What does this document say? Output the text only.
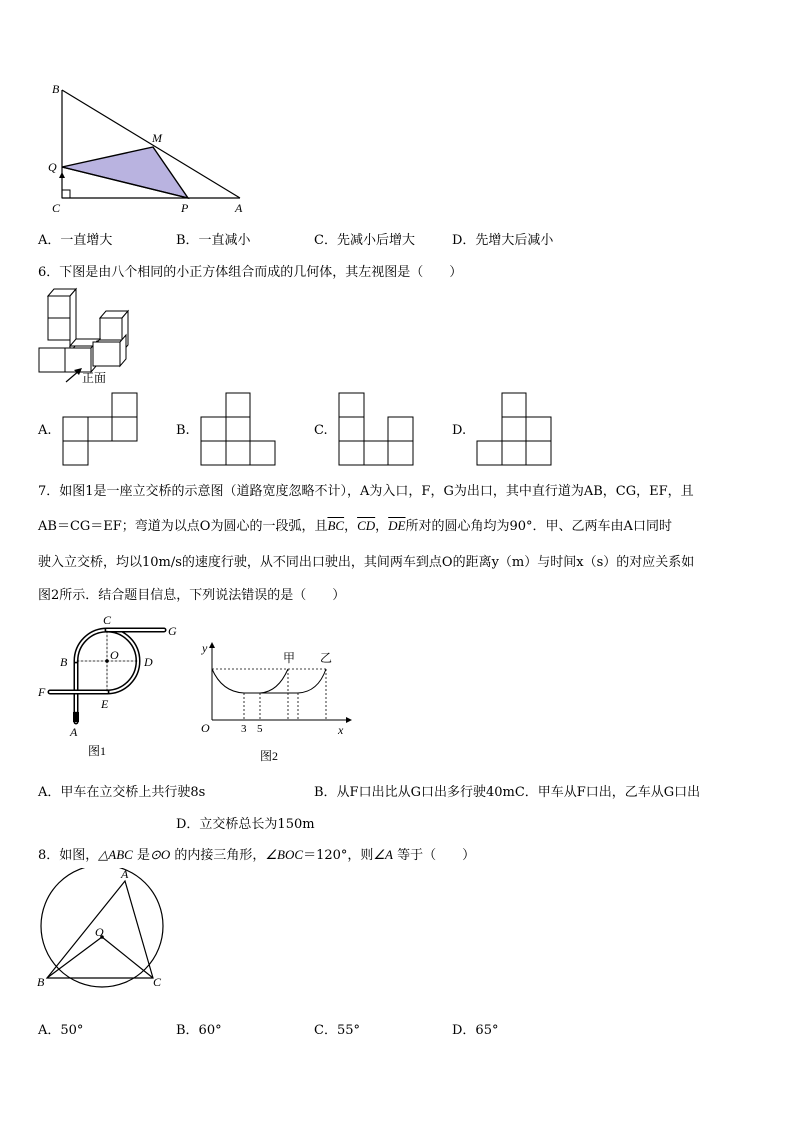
B
M
Q
C	P	A
A．一直增大	B．一直减小	C．先减小后增大	D．先增大后减小
6．下图是由八个相同的小正方体组合而成的几何体，其左视图是（　　）
正面
A.	B.	C.	D.
7．如图1是一座立交桥的示意图（道路宽度忽略不计），A为入口，F，G为出口，其中直行道为AB，CG，EF，且
AB＝CG＝EF；弯道为以点O为圆心的一段弧，且$\overline{BC}$，$\overline{CD}$，$\overline{DE}$所对的圆心角均为90°．甲、乙两车由A口同时
驶入立交桥，均以10m/s的速度行驶，从不同出口驶出，其间两车到点O的距离y（m）与时间x（s）的对应关系如
图2所示．结合题目信息，下列说法错误的是（　　）
C
G
B	O D
F
E
A
图1
y
x
O	3 5
甲 乙
图2
A．甲车在立交桥上共行驶8s	B．从F口出比从G口出多行驶40mC．甲车从F口出，乙车从G口出
D．立交桥总长为150m
8．如图，△ABC 是⊙O 的内接三角形，∠BOC＝120°，则∠A 等于（　　）
A
O
B	C
A．50°	B．60°	C．55°	D．65°
